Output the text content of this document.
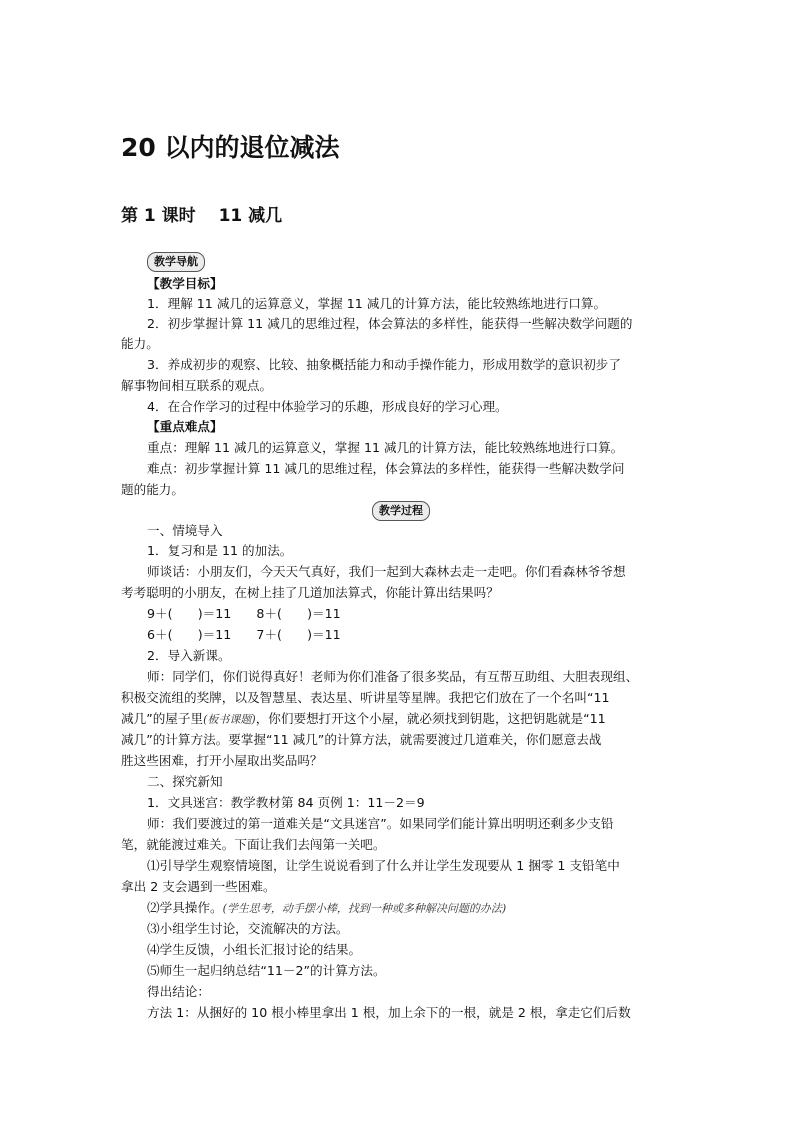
20 以内的退位减法
第 1 课时　 11 减几
教学导航
【教学目标】
1．理解 11 减几的运算意义，掌握 11 减几的计算方法，能比较熟练地进行口算。
2．初步掌握计算 11 减几的思维过程，体会算法的多样性，能获得一些解决数学问题的
能力。
3．养成初步的观察、比较、抽象概括能力和动手操作能力，形成用数学的意识初步了
解事物间相互联系的观点。
4．在合作学习的过程中体验学习的乐趣，形成良好的学习心理。
【重点难点】
重点：理解 11 减几的运算意义，掌握 11 减几的计算方法，能比较熟练地进行口算。
难点：初步掌握计算 11 减几的思维过程，体会算法的多样性，能获得一些解决数学问
题的能力。
教学过程
一、情境导入
1．复习和是 11 的加法。
师谈话：小朋友们，今天天气真好，我们一起到大森林去走一走吧。你们看森林爷爷想
考考聪明的小朋友，在树上挂了几道加法算式，你能计算出结果吗？
9＋(　　)＝11　　8＋(　　)＝11
6＋(　　)＝11　　7＋(　　)＝11
2．导入新课。
师：同学们，你们说得真好！老师为你们准备了很多奖品，有互帮互助组、大胆表现组、
积极交流组的奖牌，以及智慧星、表达星、听讲星等星牌。我把它们放在了一个名叫“11
减几”的屋子里(板书课题)，你们要想打开这个小屋，就必须找到钥匙，这把钥匙就是“11
减几”的计算方法。要掌握“11 减几”的计算方法，就需要渡过几道难关，你们愿意去战
胜这些困难，打开小屋取出奖品吗？
二、探究新知
1．文具迷宫：教学教材第 84 页例 1：11－2＝9
师：我们要渡过的第一道难关是“文具迷宫”。如果同学们能计算出明明还剩多少支铅
笔，就能渡过难关。下面让我们去闯第一关吧。
⑴引导学生观察情境图，让学生说说看到了什么并让学生发现要从 1 捆零 1 支铅笔中
拿出 2 支会遇到一些困难。
⑵学具操作。(学生思考，动手摆小棒，找到一种或多种解决问题的办法)
⑶小组学生讨论，交流解决的方法。
⑷学生反馈，小组长汇报讨论的结果。
⑸师生一起归纳总结“11－2”的计算方法。
得出结论：
方法 1：从捆好的 10 根小棒里拿出 1 根，加上余下的一根，就是 2 根，拿走它们后数
